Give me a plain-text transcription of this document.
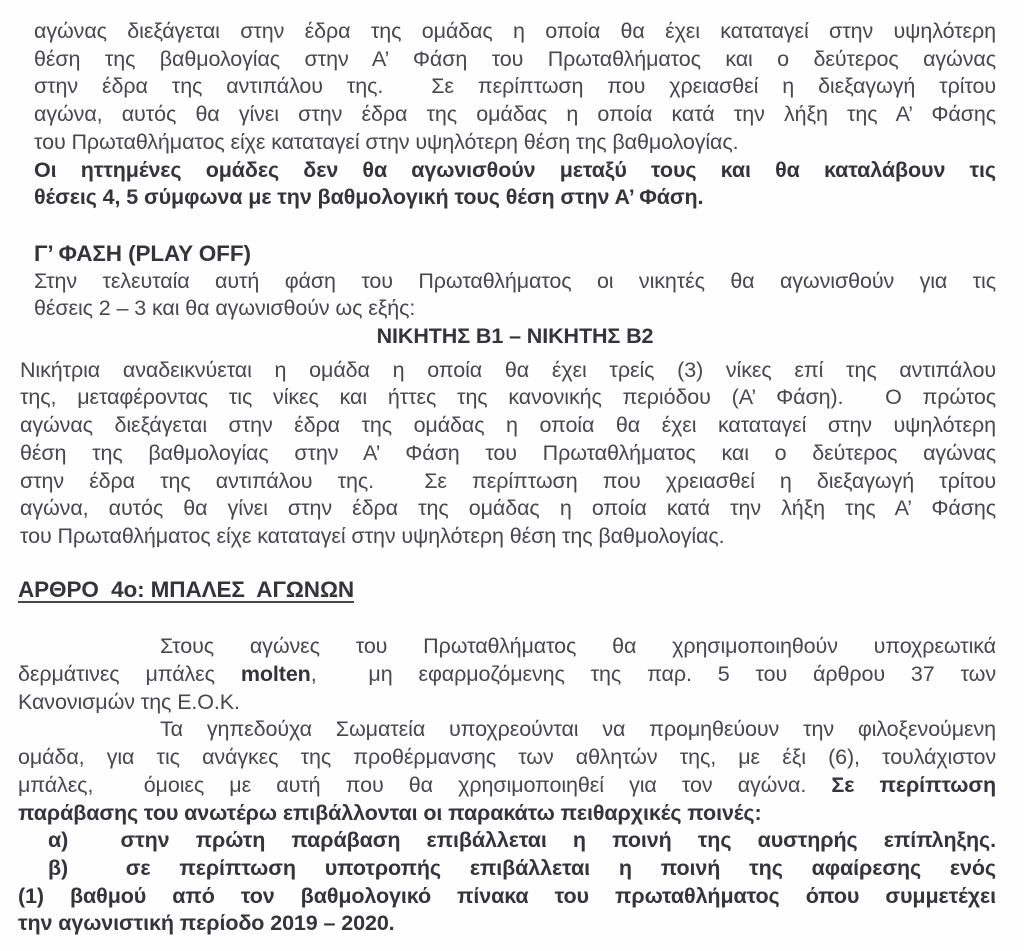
αγώνας διεξάγεται στην έδρα της ομάδας η οποία θα έχει καταταγεί στην υψηλότερη
θέση της βαθμολογίας στην Α’ Φάση του Πρωταθλήματος και ο δεύτερος αγώνας
στην έδρα της αντιπάλου της.  Σε περίπτωση που χρειασθεί η διεξαγωγή τρίτου
αγώνα, αυτός θα γίνει στην έδρα της ομάδας η οποία κατά την λήξη της Α’ Φάσης
του Πρωταθλήματος είχε καταταγεί στην υψηλότερη θέση της βαθμολογίας.
Οι ηττημένες ομάδες δεν θα αγωνισθούν μεταξύ τους και θα καταλάβουν τις
θέσεις 4, 5 σύμφωνα με την βαθμολογική τους θέση στην Α’ Φάση.
Γ’ ΦΑΣΗ (PLAY OFF)
Στην τελευταία αυτή φάση του Πρωταθλήματος οι νικητές θα αγωνισθούν για τις
θέσεις 2 – 3 και θα αγωνισθούν ως εξής:
ΝΙΚΗΤΗΣ Β1 – ΝΙΚΗΤΗΣ Β2
Νικήτρια αναδεικνύεται η ομάδα η οποία θα έχει τρείς (3) νίκες επί της αντιπάλου
της, μεταφέροντας τις νίκες και ήττες της κανονικής περιόδου (Α’ Φάση).  Ο πρώτος
αγώνας διεξάγεται στην έδρα της ομάδας η οποία θα έχει καταταγεί στην υψηλότερη
θέση της βαθμολογίας στην Α’ Φάση του Πρωταθλήματος και ο δεύτερος αγώνας
στην έδρα της αντιπάλου της.  Σε περίπτωση που χρειασθεί η διεξαγωγή τρίτου
αγώνα, αυτός θα γίνει στην έδρα της ομάδας η οποία κατά την λήξη της Α’ Φάσης
του Πρωταθλήματος είχε καταταγεί στην υψηλότερη θέση της βαθμολογίας.
ΑΡΘΡΟ  4ο: ΜΠΑΛΕΣ  ΑΓΩΝΩΝ
Στους αγώνες του Πρωταθλήματος θα χρησιμοποιηθούν υποχρεωτικά
δερμάτινες μπάλες molten,  μη εφαρμοζόμενης της παρ. 5 του άρθρου 37 των
Κανονισμών της Ε.Ο.Κ.
Τα γηπεδούχα Σωματεία υποχρεούνται να προμηθεύουν την φιλοξενούμενη
ομάδα, για τις ανάγκες της προθέρμανσης των αθλητών της, με έξι (6), τουλάχιστον
μπάλες,  όμοιες με αυτή που θα χρησιμοποιηθεί για τον αγώνα. Σε περίπτωση
παράβασης του ανωτέρω επιβάλλονται οι παρακάτω πειθαρχικές ποινές:
α)  στην πρώτη παράβαση επιβάλλεται η ποινή της αυστηρής επίπληξης.
β)  σε περίπτωση υποτροπής επιβάλλεται η ποινή της αφαίρεσης ενός
(1) βαθμού από τον βαθμολογικό πίνακα του πρωταθλήματος όπου συμμετέχει
την αγωνιστική περίοδο 2019 – 2020.
